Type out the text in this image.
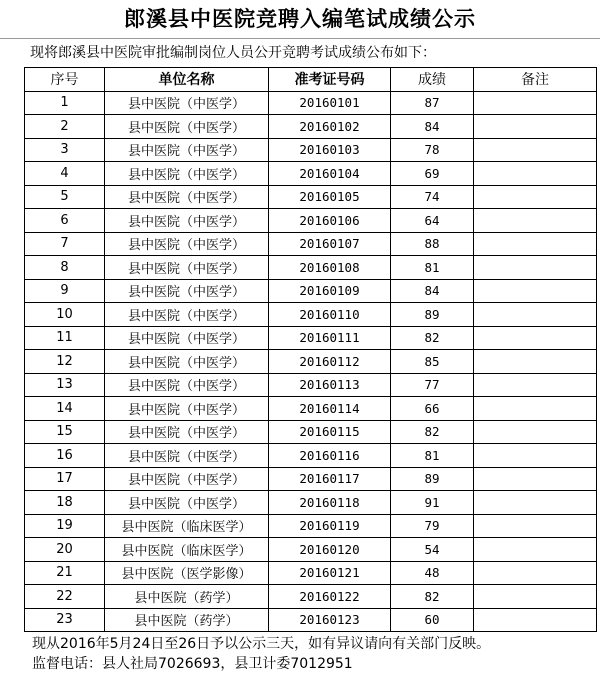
郎溪县中医院竞聘入编笔试成绩公示
现将郎溪县中医院审批编制岗位人员公开竞聘考试成绩公布如下：
序号	单位名称	准考证号码	成绩	备注
1	县中医院（中医学）	20160101	87	
2	县中医院（中医学）	20160102	84	
3	县中医院（中医学）	20160103	78	
4	县中医院（中医学）	20160104	69	
5	县中医院（中医学）	20160105	74	
6	县中医院（中医学）	20160106	64	
7	县中医院（中医学）	20160107	88	
8	县中医院（中医学）	20160108	81	
9	县中医院（中医学）	20160109	84	
10	县中医院（中医学）	20160110	89	
11	县中医院（中医学）	20160111	82	
12	县中医院（中医学）	20160112	85	
13	县中医院（中医学）	20160113	77	
14	县中医院（中医学）	20160114	66	
15	县中医院（中医学）	20160115	82	
16	县中医院（中医学）	20160116	81	
17	县中医院（中医学）	20160117	89	
18	县中医院（中医学）	20160118	91	
19	县中医院（临床医学）	20160119	79	
20	县中医院（临床医学）	20160120	54	
21	县中医院（医学影像）	20160121	48	
22	县中医院（药学）	20160122	82	
23	县中医院（药学）	20160123	60	
现从2016年5月24日至26日予以公示三天，如有异议请向有关部门反映。
监督电话：县人社局7026693，县卫计委7012951
